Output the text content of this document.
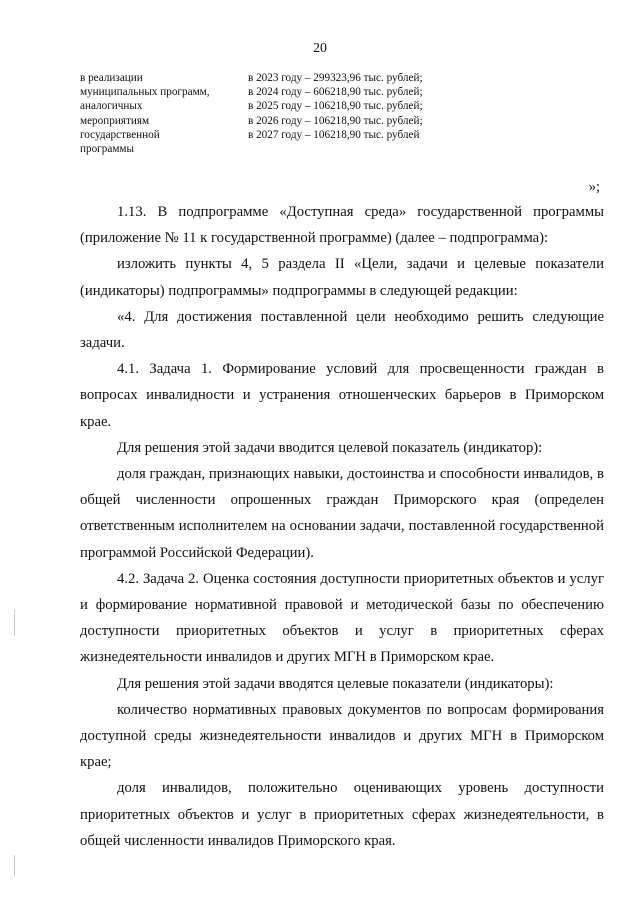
20
в реализации
муниципальных программ,
аналогичных
мероприятиям
государственной
программы
в 2023 году – 299323,96 тыс. рублей;
в 2024 году – 606218,90 тыс. рублей;
в 2025 году – 106218,90 тыс. рублей;
в 2026 году – 106218,90 тыс. рублей;
в 2027 году – 106218,90 тыс. рублей
»;

1.13. В подпрограмме «Доступная среда» государственной программы (приложение № 11 к государственной программе) (далее – подпрограмма):

изложить пункты 4, 5 раздела II «Цели, задачи и целевые показатели (индикаторы) подпрограммы» подпрограммы в следующей редакции:

«4. Для достижения поставленной цели необходимо решить следующие задачи.

4.1. Задача 1. Формирование условий для просвещенности граждан в вопросах инвалидности и устранения отношенческих барьеров в Приморском крае.

Для решения этой задачи вводится целевой показатель (индикатор):

доля граждан, признающих навыки, достоинства и способности инвалидов, в общей численности опрошенных граждан Приморского края (определен ответственным исполнителем на основании задачи, поставленной государственной программой Российской Федерации).

4.2. Задача 2. Оценка состояния доступности приоритетных объектов и услуг и формирование нормативной правовой и методической базы по обеспечению доступности приоритетных объектов и услуг в приоритетных сферах жизнедеятельности инвалидов и других МГН в Приморском крае.

Для решения этой задачи вводятся целевые показатели (индикаторы):

количество нормативных правовых документов по вопросам формирования доступной среды жизнедеятельности инвалидов и других МГН в Приморском крае;

доля инвалидов, положительно оценивающих уровень доступности приоритетных объектов и услуг в приоритетных сферах жизнедеятельности, в общей численности инвалидов Приморского края.
